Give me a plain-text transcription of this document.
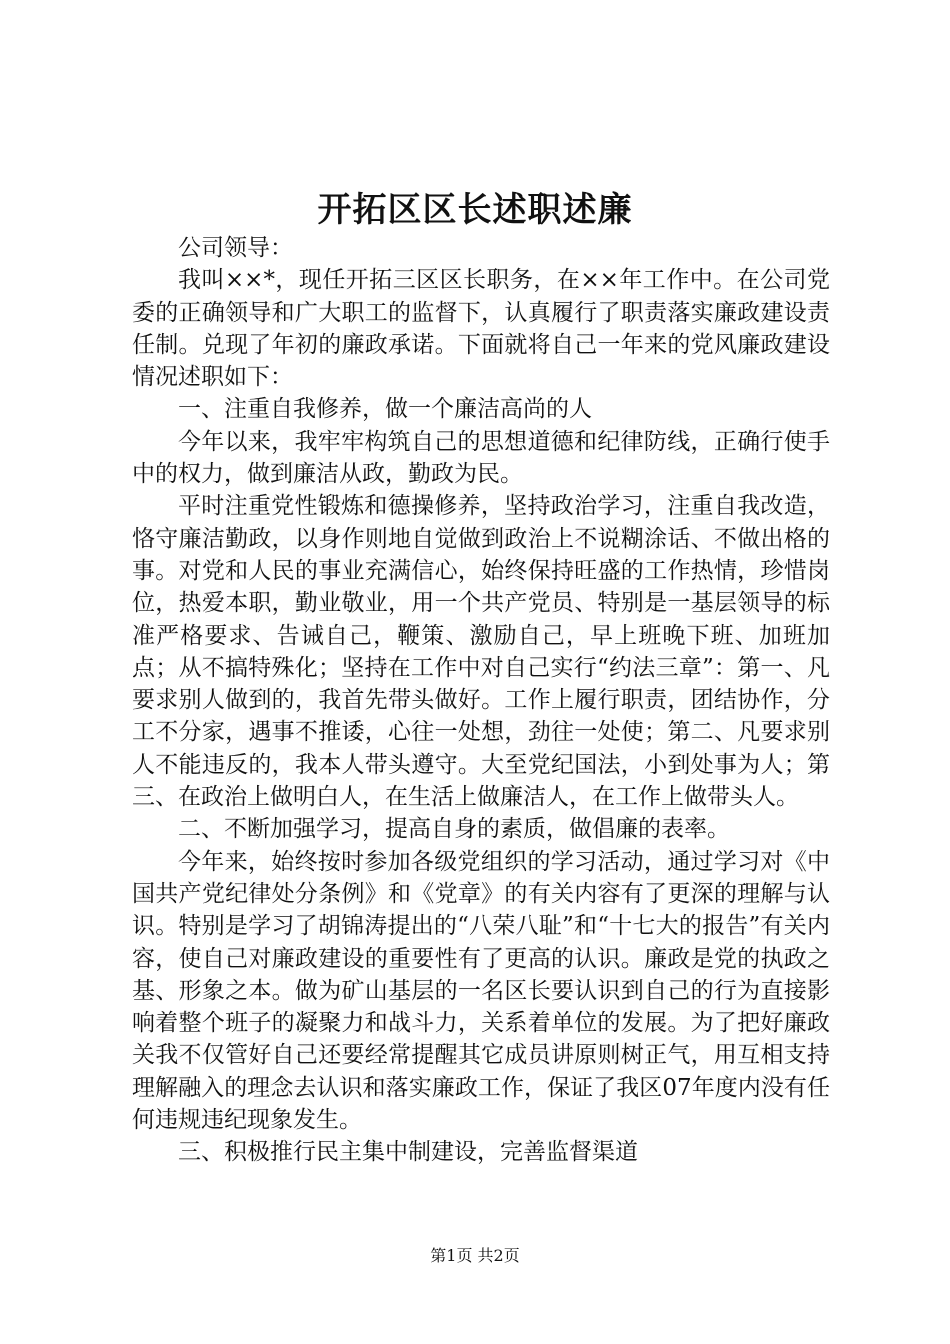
开拓区区长述职述廉

公司领导：

我叫××*，现任开拓三区区长职务，在××年工作中。在公司党委的正确领导和广大职工的监督下，认真履行了职责落实廉政建设责任制。兑现了年初的廉政承诺。下面就将自己一年来的党风廉政建设情况述职如下：

一、注重自我修养，做一个廉洁高尚的人

今年以来，我牢牢构筑自己的思想道德和纪律防线，正确行使手中的权力，做到廉洁从政，勤政为民。

平时注重党性锻炼和德操修养，坚持政治学习，注重自我改造，恪守廉洁勤政，以身作则地自觉做到政治上不说糊涂话、不做出格的事。对党和人民的事业充满信心，始终保持旺盛的工作热情，珍惜岗位，热爱本职，勤业敬业，用一个共产党员、特别是一基层领导的标准严格要求、告诫自己，鞭策、激励自己，早上班晚下班、加班加点；从不搞特殊化；坚持在工作中对自己实行“约法三章”：第一、凡要求别人做到的，我首先带头做好。工作上履行职责，团结协作，分工不分家，遇事不推诿，心往一处想，劲往一处使；第二、凡要求别人不能违反的，我本人带头遵守。大至党纪国法，小到处事为人；第三、在政治上做明白人，在生活上做廉洁人，在工作上做带头人。

二、不断加强学习，提高自身的素质，做倡廉的表率。

今年来，始终按时参加各级党组织的学习活动，通过学习对《中国共产党纪律处分条例》和《党章》的有关内容有了更深的理解与认识。特别是学习了胡锦涛提出的“八荣八耻”和“十七大的报告”有关内容，使自己对廉政建设的重要性有了更高的认识。廉政是党的执政之基、形象之本。做为矿山基层的一名区长要认识到自己的行为直接影响着整个班子的凝聚力和战斗力，关系着单位的发展。为了把好廉政关我不仅管好自己还要经常提醒其它成员讲原则树正气，用互相支持理解融入的理念去认识和落实廉政工作，保证了我区07年度内没有任何违规违纪现象发生。

三、积极推行民主集中制建设，完善监督渠道

第1页 共2页
